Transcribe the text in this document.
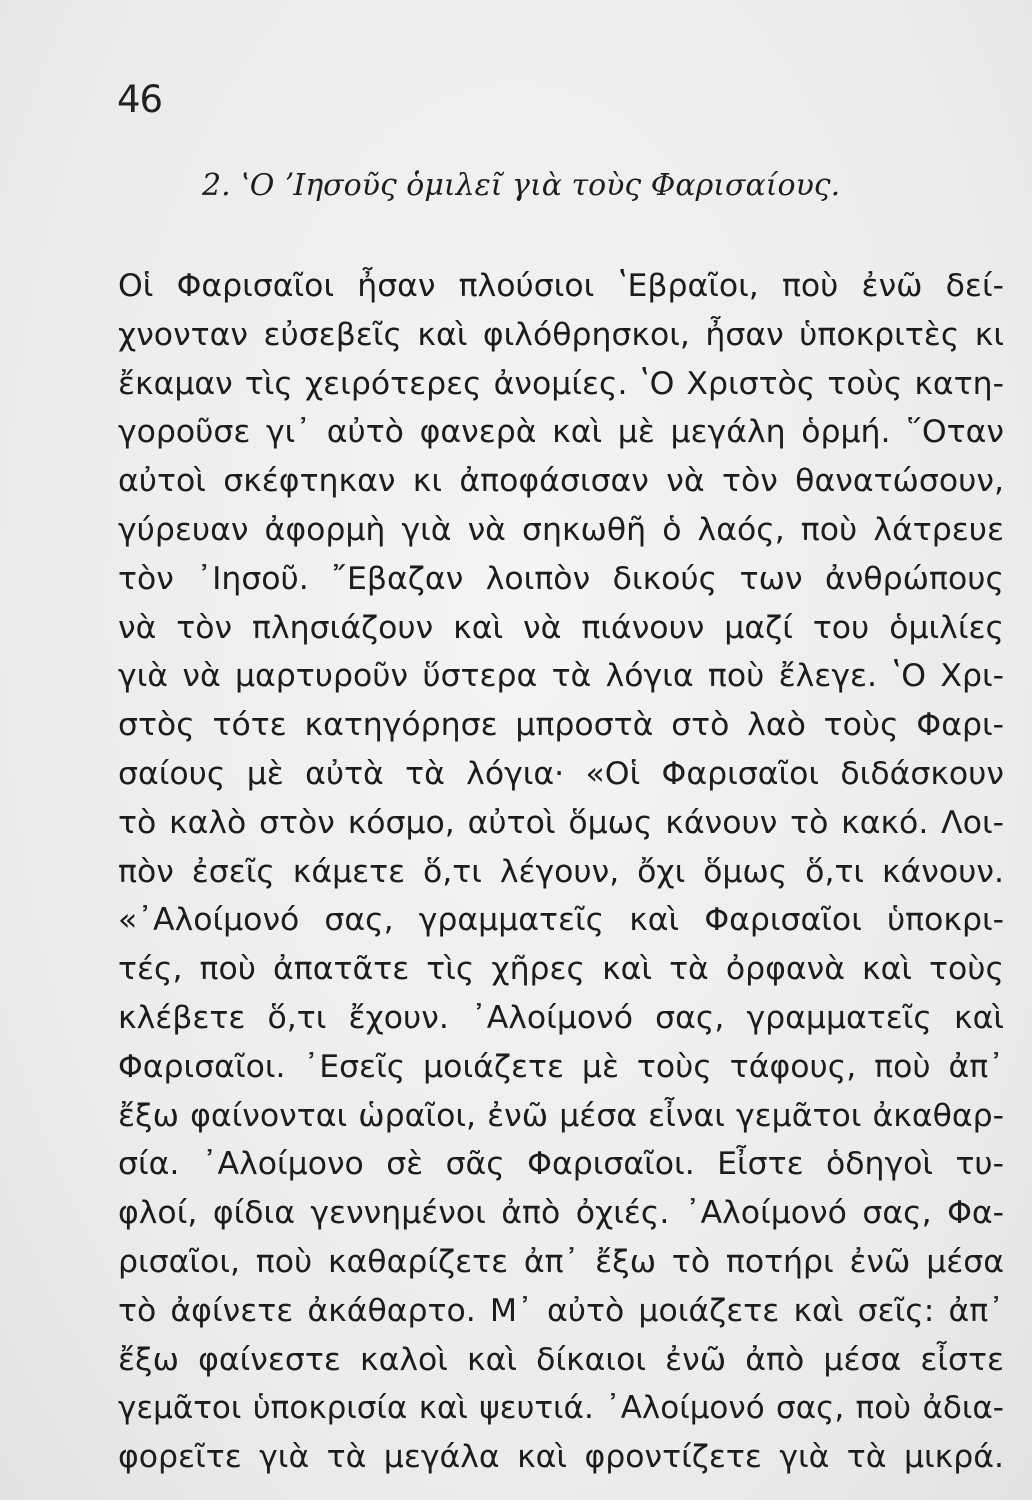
46
2. ʽΟ ʼΙησοῦς ὁμιλεῖ γιὰ τοὺς Φαρισαίους.
Οἱ Φαρισαῖοι ἦσαν πλούσιοι ʽΕβραῖοι, ποὺ ἐνῶ δεί-
χνονταν εὐσεβεῖς καὶ φιλόθρησκοι, ἦσαν ὑποκριτὲς κι
ἔκαμαν τὶς χειρότερες ἀνομίες. ʽΟ Χριστὸς τοὺς κατη-
γοροῦσε γι᾿ αὐτὸ φανερὰ καὶ μὲ μεγάλη ὁρμή. ῞Οταν
αὐτοὶ σκέφτηκαν κι ἀποφάσισαν νὰ τὸν θανατώσουν,
γύρευαν ἀφορμὴ γιὰ νὰ σηκωθῆ ὁ λαός, ποὺ λάτρευε
τὸν ᾿Ιησοῦ. ῎Εβαζαν λοιπὸν δικούς των ἀνθρώπους
νὰ τὸν πλησιάζουν καὶ νὰ πιάνουν μαζί του ὁμιλίες
γιὰ νὰ μαρτυροῦν ὕστερα τὰ λόγια ποὺ ἔλεγε. ʽΟ Χρι-
στὸς τότε κατηγόρησε μπροστὰ στὸ λαὸ τοὺς Φαρι-
σαίους μὲ αὐτὰ τὰ λόγια· «Οἱ Φαρισαῖοι διδάσκουν
τὸ καλὸ στὸν κόσμο, αὐτοὶ ὅμως κάνουν τὸ κακό. Λοι-
πὸν ἐσεῖς κάμετε ὅ,τι λέγουν, ὄχι ὅμως ὅ,τι κάνουν.
«᾿Αλοίμονό σας, γραμματεῖς καὶ Φαρισαῖοι ὑποκρι-
τές, ποὺ ἀπατᾶτε τὶς χῆρες καὶ τὰ ὀρφανὰ καὶ τοὺς
κλέβετε ὅ,τι ἔχουν. ᾿Αλοίμονό σας, γραμματεῖς καὶ
Φαρισαῖοι. ᾿Εσεῖς μοιάζετε μὲ τοὺς τάφους, ποὺ ἀπ᾿
ἔξω φαίνονται ὡραῖοι, ἐνῶ μέσα εἶναι γεμᾶτοι ἀκαθαρ-
σία. ᾿Αλοίμονο σὲ σᾶς Φαρισαῖοι. Εἶστε ὁδηγοὶ τυ-
φλοί, φίδια γεννημένοι ἀπὸ ὀχιές. ᾿Αλοίμονό σας, Φα-
ρισαῖοι, ποὺ καθαρίζετε ἀπ᾿ ἔξω τὸ ποτήρι ἐνῶ μέσα
τὸ ἀφίνετε ἀκάθαρτο. Μ᾿ αὐτὸ μοιάζετε καὶ σεῖς: ἀπ᾿
ἔξω φαίνεστε καλοὶ καὶ δίκαιοι ἐνῶ ἀπὸ μέσα εἶστε
γεμᾶτοι ὑποκρισία καὶ ψευτιά. ᾿Αλοίμονό σας, ποὺ ἀδια-
φορεῖτε γιὰ τὰ μεγάλα καὶ φροντίζετε γιὰ τὰ μικρά.
